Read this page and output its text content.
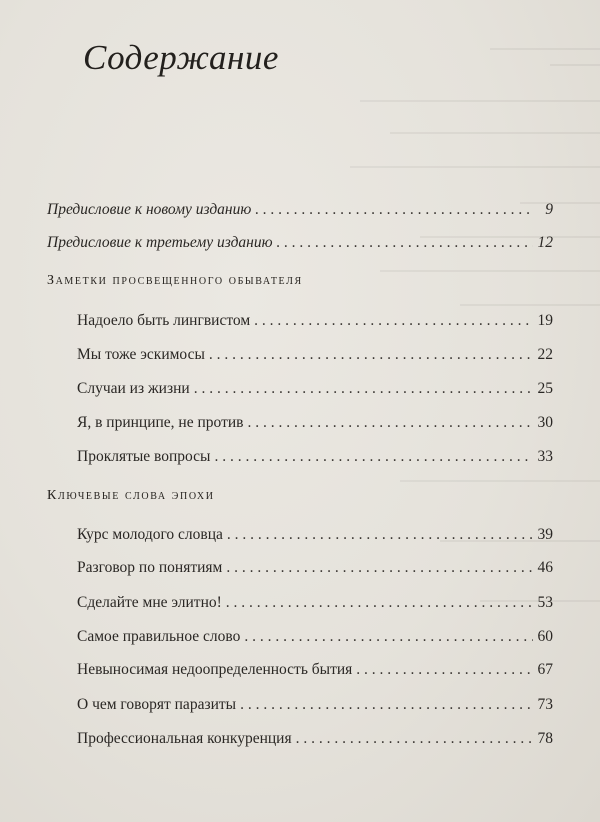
Содержание
Предисловие к новому изданию . . .	9
Предисловие к третьему изданию . . .	12
Заметки просвещенного обывателя
Надоело быть лингвистом . . .	19
Мы тоже эскимосы . . .	22
Случаи из жизни . . .	25
Я, в принципе, не против . . .	30
Проклятые вопросы . . .	33
Ключевые слова эпохи
Курс молодого словца . . .	39
Разговор по понятиям . . .	46
Сделайте мне элитно! . . .	53
Самое правильное слово . . .	60
Невыносимая недоопределенность бытия . . .	67
О чем говорят паразиты . . .	73
Профессиональная конкуренция . . .	78
